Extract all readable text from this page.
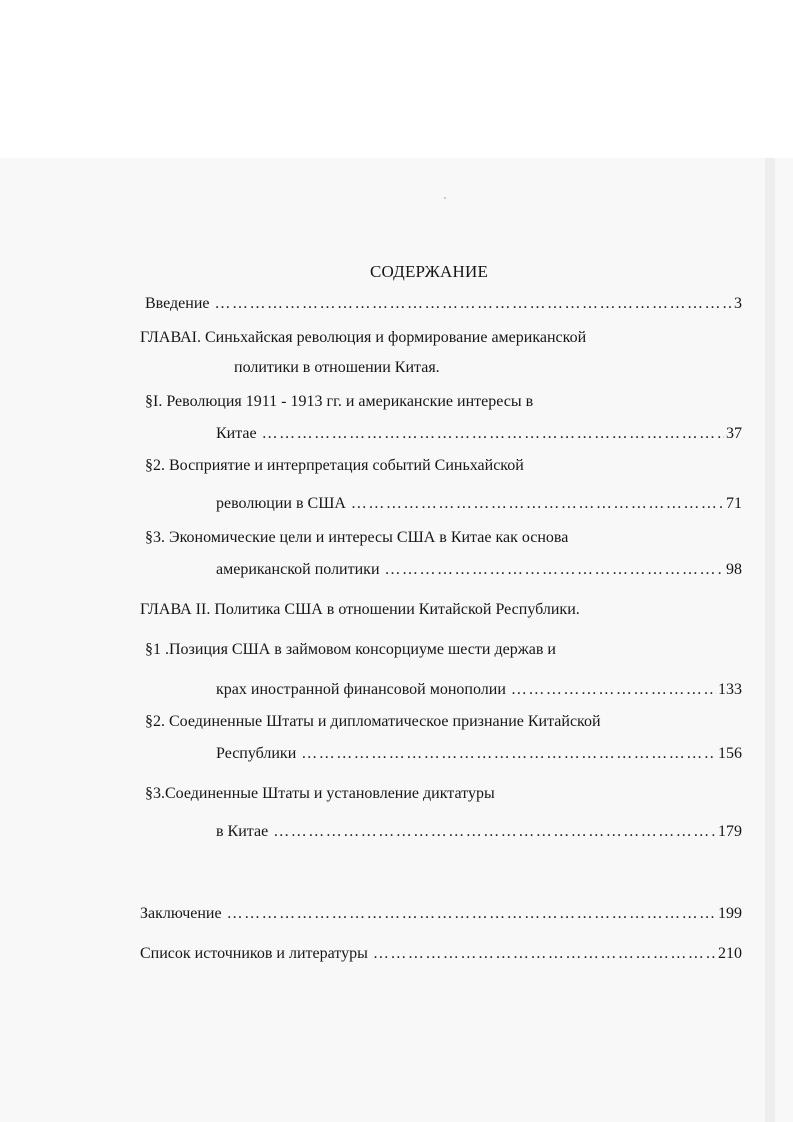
СОДЕРЖАНИЕ
Введение ………………………………………………………………………………………………………………………………………………	3
ГЛАВАI. Синьхайская революция и формирование американской
политики в отношении Китая.
§I. Революция 1911 - 1913 гг. и американские интересы в
Китае ………………………………………………………………………………………………………………………………………………	37
§2. Восприятие и интерпретация событий Синьхайской
революции в США ………………………………………………………………………………………………………………………………………………	71
§3. Экономические цели и интересы США в Китае как основа
американской политики ………………………………………………………………………………………………………………………………………………	98
ГЛАВА II. Политика США в отношении Китайской Республики.
§1 .Позиция США в займовом консорциуме шести держав и
крах иностранной финансовой монополии ………………………………………………………………………………………………………………………………………………	133
§2. Соединенные Штаты и дипломатическое признание Китайской
Республики ………………………………………………………………………………………………………………………………………………	156
§3.Соединенные Штаты и установление диктатуры
в Китае ………………………………………………………………………………………………………………………………………………	179
Заключение ………………………………………………………………………………………………………………………………………………	199
Список источников и литературы ………………………………………………………………………………………………………………………………………………	210
